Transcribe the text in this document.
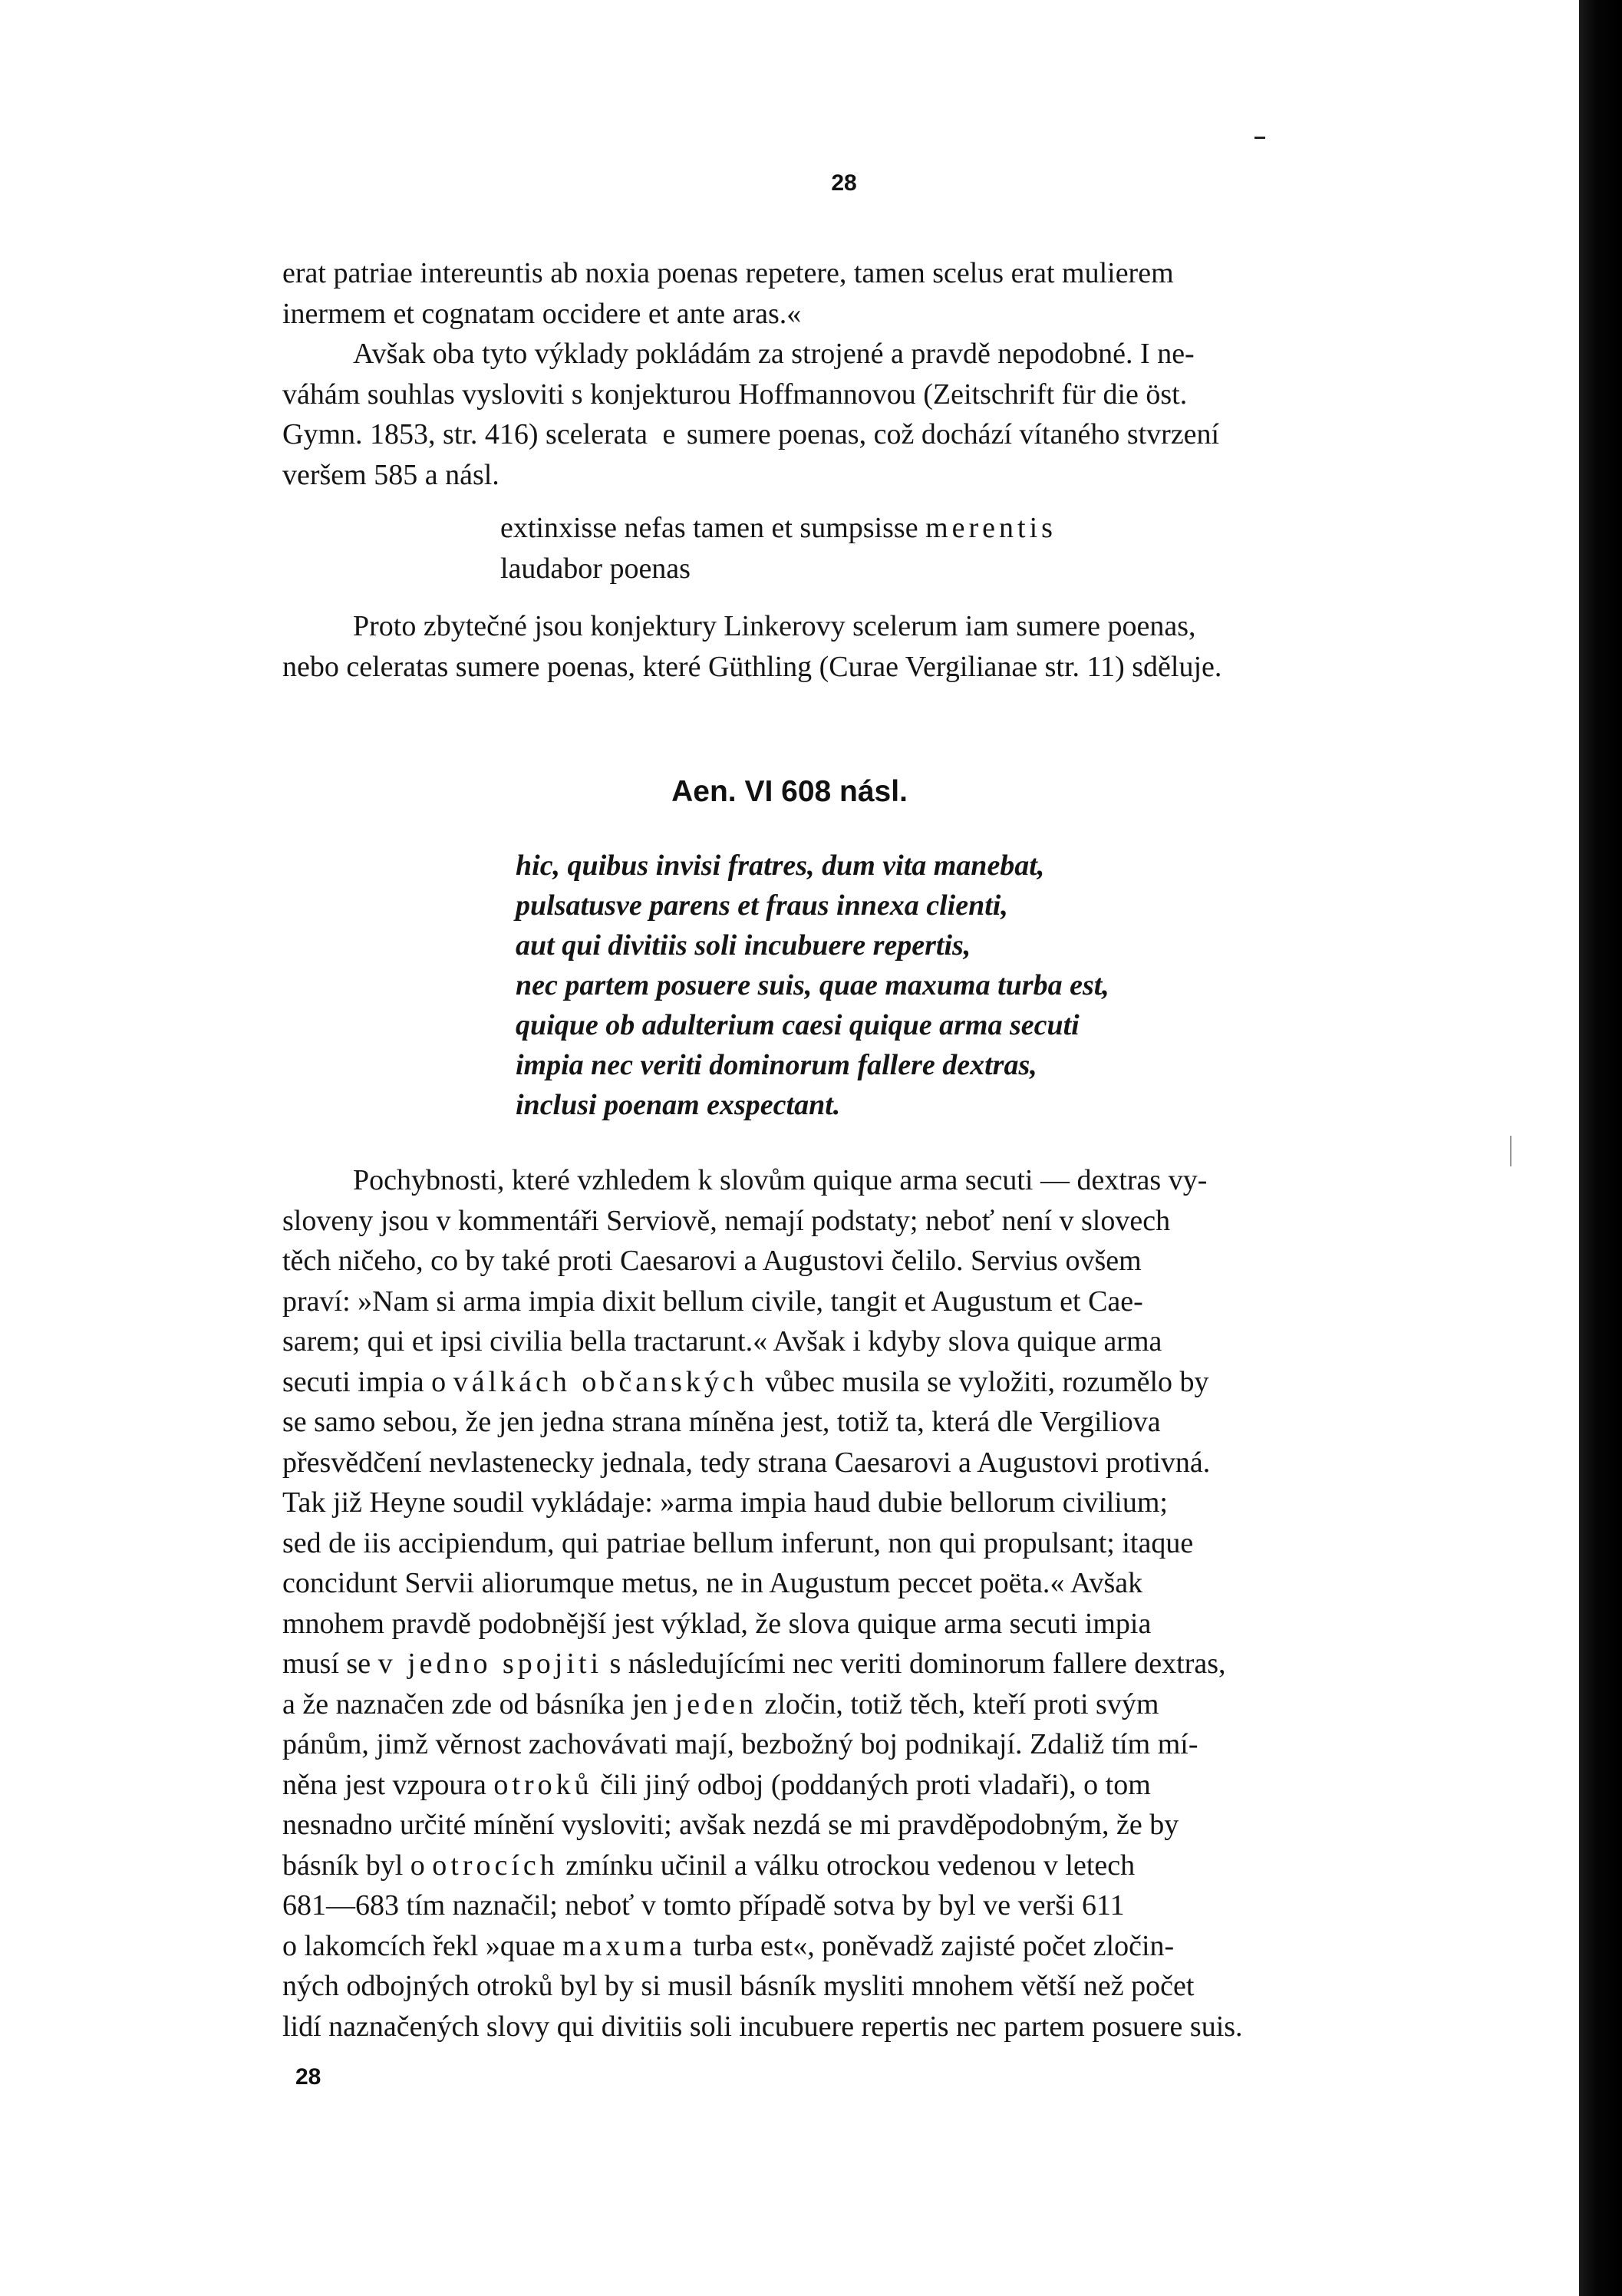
28

erat patriae intereuntis ab noxia poenas repetere, tamen scelus erat mulierem
inermem et cognatam occidere et ante aras.«

Avšak oba tyto výklady pokládám za strojené a pravdě nepodobné. I ne-
váhám souhlas vysloviti s konjekturou Hoffmannovou (Zeitschrift für die öst.
Gymn. 1853, str. 416) scelerata e sumere poenas, což dochází vítaného stvrzení
veršem 585 a násl.

extinxisse nefas tamen et sumpsisse merentis
laudabor poenas

Proto zbytečné jsou konjektury Linkerovy scelerum iam sumere poenas,
nebo celeratas sumere poenas, které Güthling (Curae Vergilianae str. 11) sděluje.

Aen. VI 608 násl.
hic, quibus invisi fratres, dum vita manebat,
pulsatusve parens et fraus innexa clienti,
aut qui divitiis soli incubuere repertis,
nec partem posuere suis, quae maxuma turba est,
quique ob adulterium caesi quique arma secuti
impia nec veriti dominorum fallere dextras,
inclusi poenam exspectant.

Pochybnosti, které vzhledem k slovům quique arma secuti — dextras vy-
sloveny jsou v kommentáři Serviově, nemají podstaty; neboť není v slovech
těch ničeho, co by také proti Caesarovi a Augustovi čelilo. Servius ovšem
praví: »Nam si arma impia dixit bellum civile, tangit et Augustum et Cae-
sarem; qui et ipsi civilia bella tractarunt.« Avšak i kdyby slova quique arma
secuti impia o válkách občanských vůbec musila se vyložiti, rozumělo by
se samo sebou, že jen jedna strana míněna jest, totiž ta, která dle Vergiliova
přesvědčení nevlastenecky jednala, tedy strana Caesarovi a Augustovi protivná.
Tak již Heyne soudil vykládaje: »arma impia haud dubie bellorum civilium;
sed de iis accipiendum, qui patriae bellum inferunt, non qui propulsant; itaque
concidunt Servii aliorumque metus, ne in Augustum peccet poëta.« Avšak
mnohem pravdě podobnější jest výklad, že slova quique arma secuti impia
musí se v jedno spojiti s následujícími nec veriti dominorum fallere dextras,
a že naznačen zde od básníka jen jeden zločin, totiž těch, kteří proti svým
pánům, jimž věrnost zachovávati mají, bezbožný boj podnikají. Zdaliž tím mí-
něna jest vzpoura otroků čili jiný odboj (poddaných proti vladaři), o tom
nesnadno určité mínění vysloviti; avšak nezdá se mi pravděpodobným, že by
básník byl o otrocích zmínku učinil a válku otrockou vedenou v letech
681—683 tím naznačil; neboť v tomto případě sotva by byl ve verši 611
o lakomcích řekl »quae maxuma turba est«, poněvadž zajisté počet zločin-
ných odbojných otroků byl by si musil básník mysliti mnohem větší než počet
lidí naznačených slovy qui divitiis soli incubuere repertis nec partem posuere suis.

28
